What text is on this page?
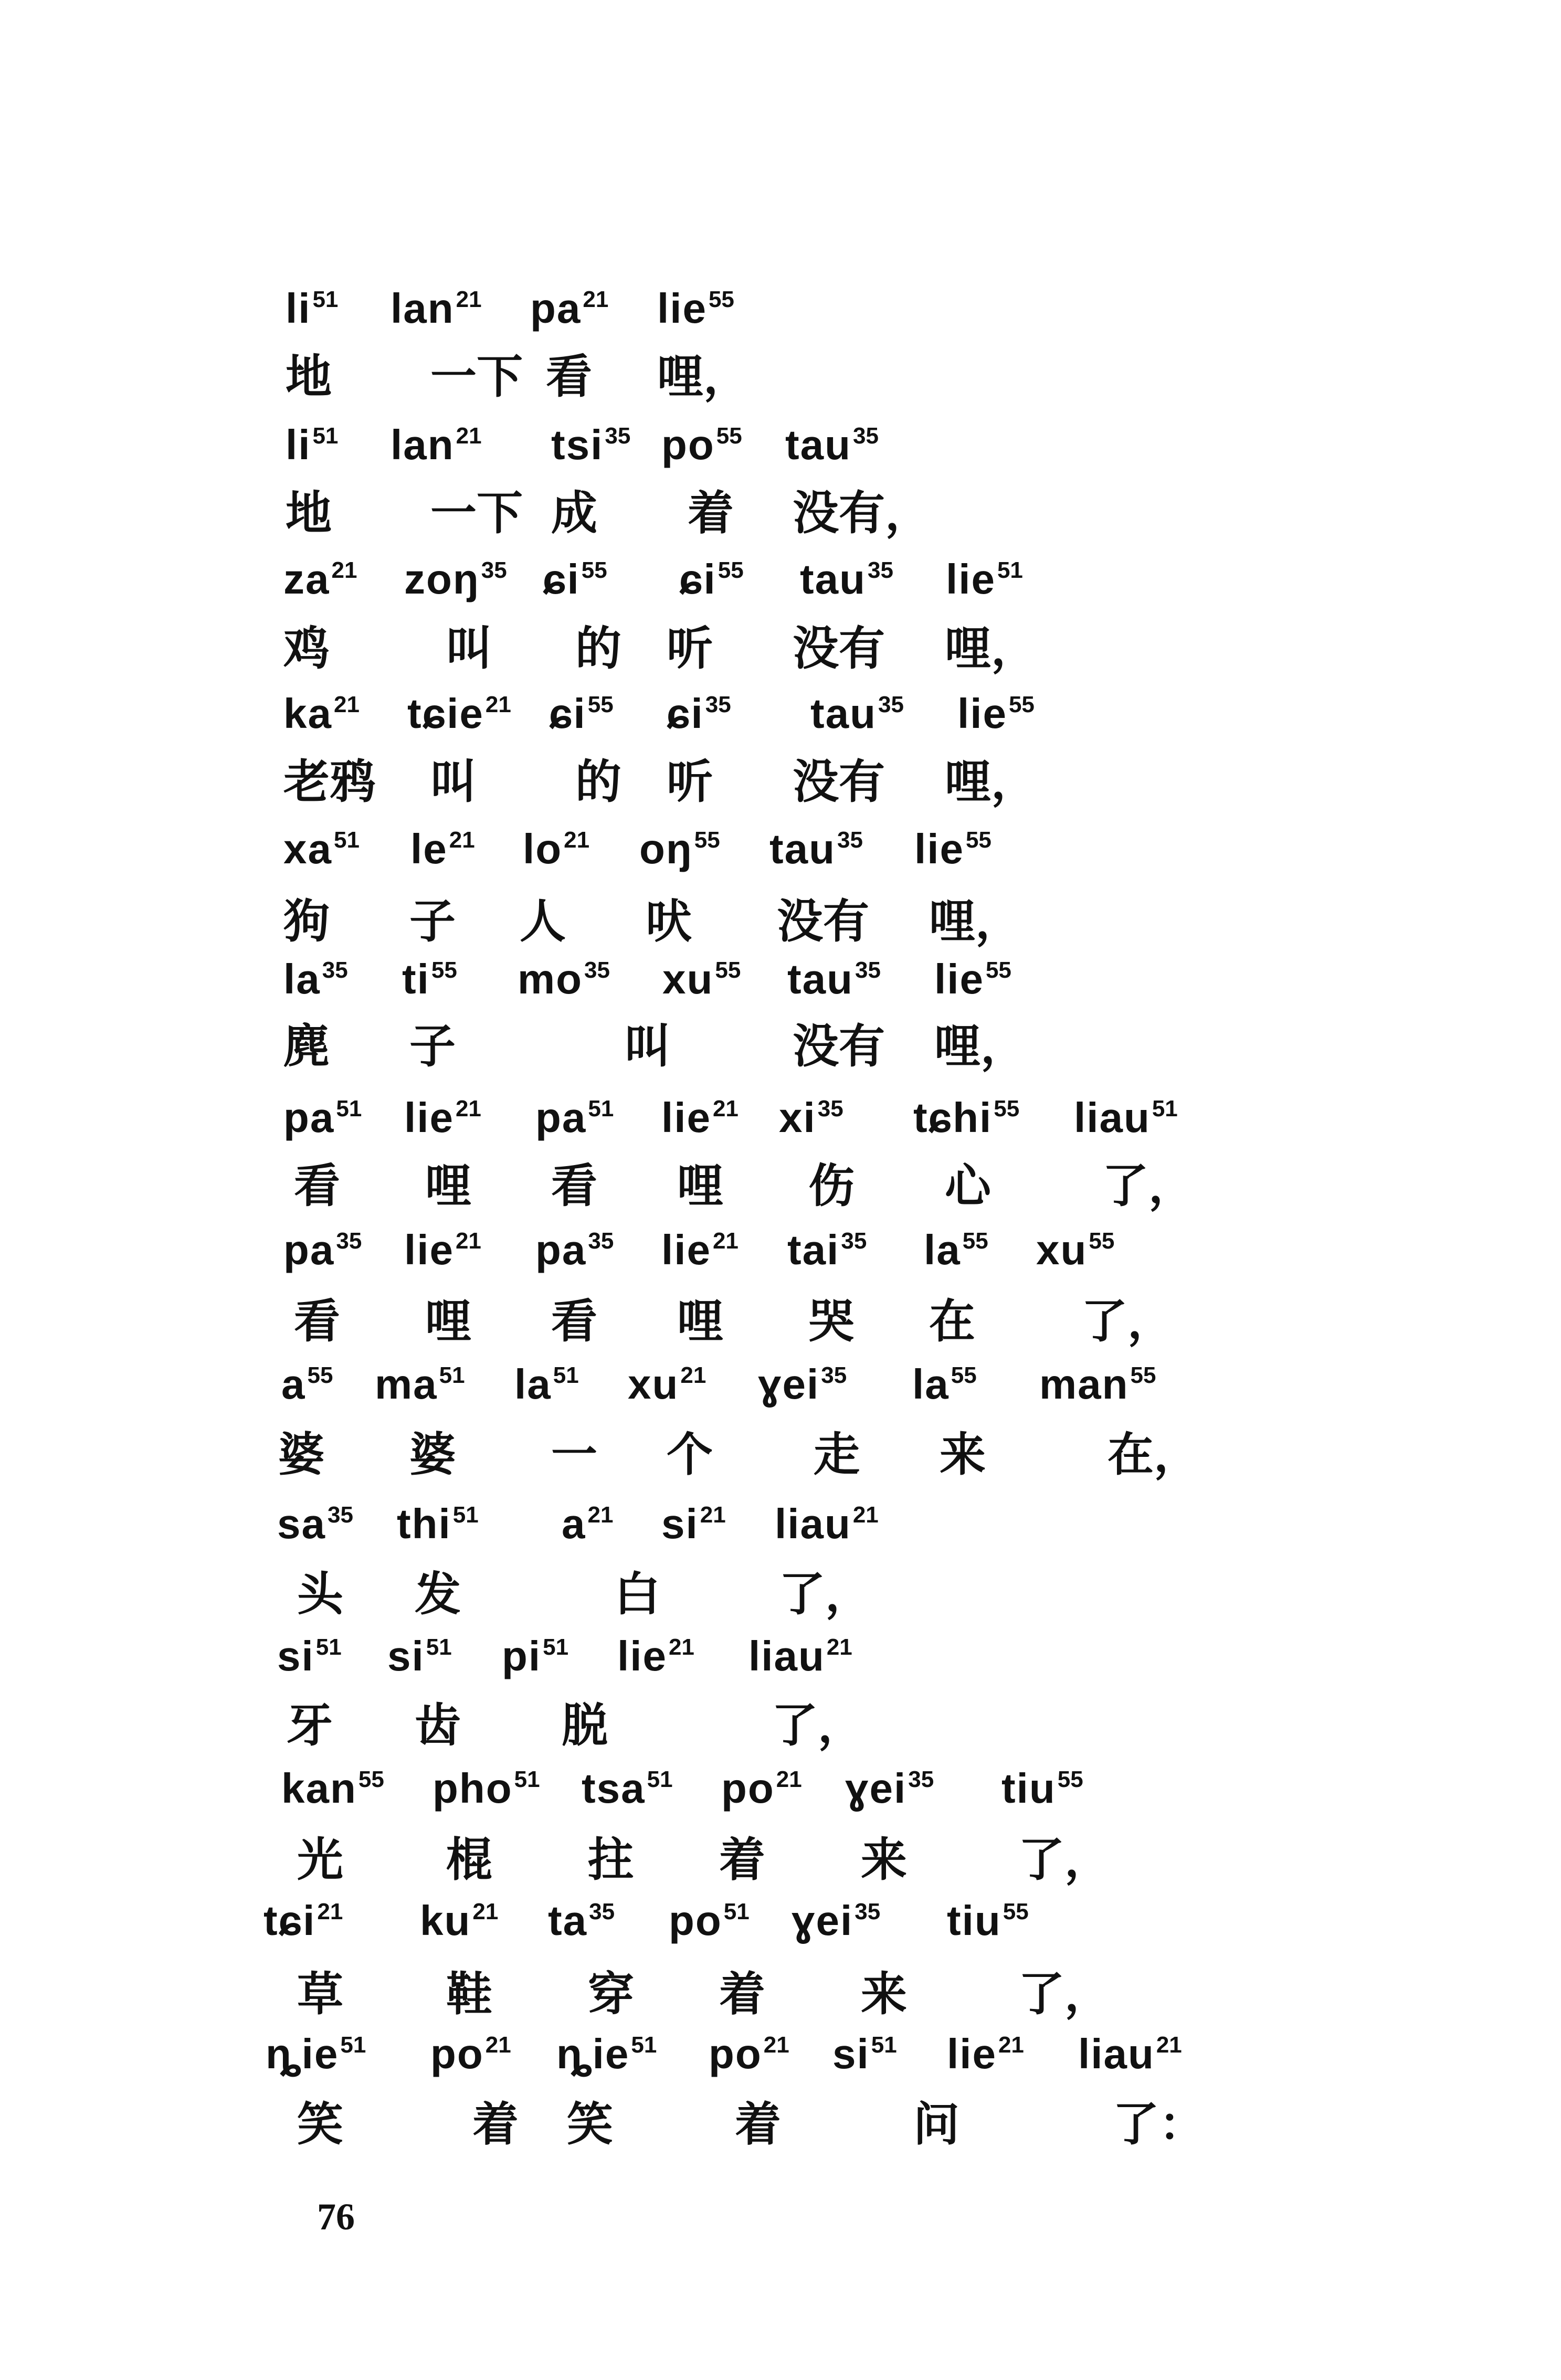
$li^{51}$ lan$^{21}$ $pa^{21}$ lie$^{55}$
地 一下 看 哩，
$li^{51}$ lan$^{21}$ tsi$^{35}$ $po^{55}$ tau$^{35}$
地 一下 成 着 没有，
$za^{21}$ zoŋ$^{35}$ ɕi$^{55}$ ɕi$^{55}$ tau$^{35}$ lie$^{51}$
鸡	叫 的 听 没有 哩，
$ka^{21}$ tɕie$^{21}$ ɕi$^{55}$ ɕi$^{35}$ tau$^{35}$ lie$^{55}$
老鸦 叫 的 听 没有 哩，
$xa^{51}$ $le^{21}$ $lo^{21}$ $oŋ^{55}$ tau$^{35}$ lie$^{55}$
狗 子 人 吠 没有 哩，
$la^{35}$ $ti^{55}$ $mo^{35}$ $xu^{55}$ tau$^{35}$ lie$^{55}$
麂 子	叫	没有 哩，
$pa^{51}$ lie$^{21}$ $pa^{51}$ lie$^{21}$ $xi^{35}$ tɕhi$^{55}$ liau$^{51}$
看 哩 看 哩 伤 心 了，
$pa^{35}$ lie$^{21}$ $pa^{35}$ lie$^{21}$ tai$^{35}$ $la^{55}$ $xu^{55}$
看 哩 看 哩 哭 在 了，
$a^{55}$ $ma^{51}$ $la^{51}$ $xu^{21}$ ɣei$^{35}$ $la^{55}$ man$^{55}$
婆 婆 一 个 走 来	在，
$sa^{35}$ thi$^{51}$ $a^{21}$ $si^{21}$ liau$^{21}$
头 发	白	了，
$si^{51}$ $si^{51}$ $pi^{51}$ lie$^{21}$ liau$^{21}$
牙 齿 脱	了，
kan$^{55}$ pho$^{51}$ tsa$^{51}$ $po^{21}$ ɣei$^{35}$ tiu$^{55}$
光 棍 拄 着 来 了，
tɕi$^{21}$ $ku^{21}$ $ta^{35}$ $po^{51}$ ɣei$^{35}$ tiu$^{55}$
草 鞋 穿 着 来 了，
ȵie$^{51}$ $po^{21}$ ȵie$^{51}$ $po^{21}$ $si^{51}$ lie$^{21}$ liau$^{21}$
笑	着 笑	着	问	了：
76
